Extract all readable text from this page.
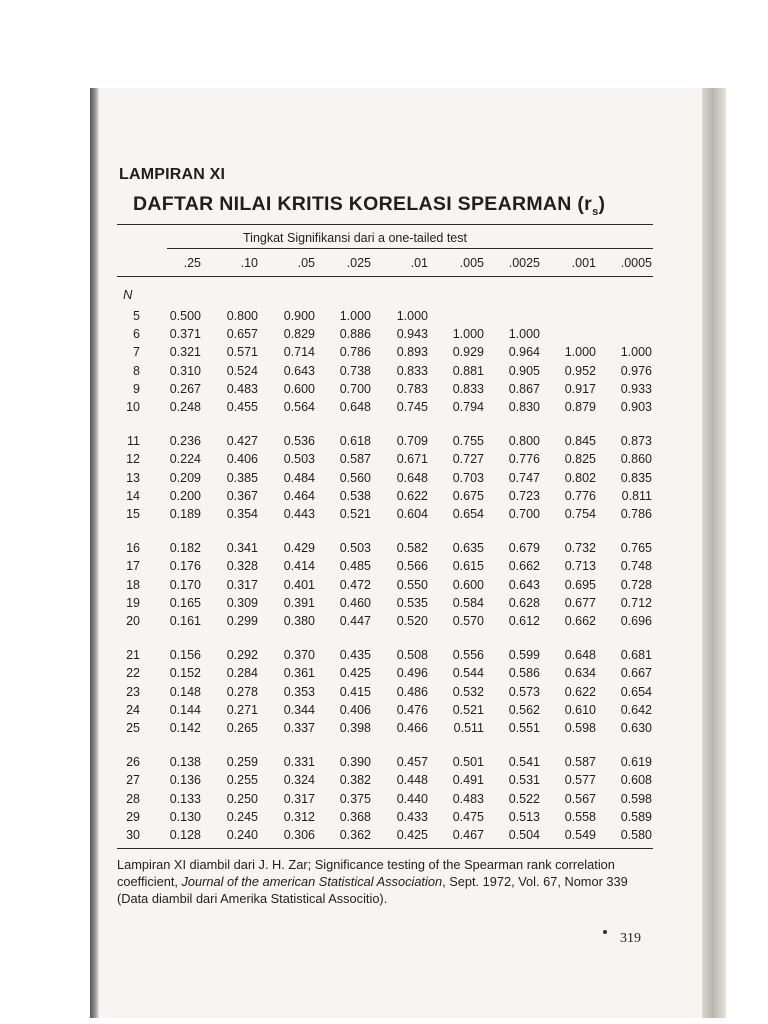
LAMPIRAN XI
DAFTAR NILAI KRITIS KORELASI SPEARMAN $(r_s)$
Tingkat Signifikansi dari a one-tailed test
.25	.10	.05	.025	.01	.005	.0025	.001	.0005
N
5	0.500	0.800	0.900	1.000	1.000
6	0.371	0.657	0.829	0.886	0.943	1.000	1.000
7	0.321	0.571	0.714	0.786	0.893	0.929	0.964	1.000	1.000
8	0.310	0.524	0.643	0.738	0.833	0.881	0.905	0.952	0.976
9	0.267	0.483	0.600	0.700	0.783	0.833	0.867	0.917	0.933
10	0.248	0.455	0.564	0.648	0.745	0.794	0.830	0.879	0.903
11	0.236	0.427	0.536	0.618	0.709	0.755	0.800	0.845	0.873
12	0.224	0.406	0.503	0.587	0.671	0.727	0.776	0.825	0.860
13	0.209	0.385	0.484	0.560	0.648	0.703	0.747	0.802	0.835
14	0.200	0.367	0.464	0.538	0.622	0.675	0.723	0.776	0.811
15	0.189	0.354	0.443	0.521	0.604	0.654	0.700	0.754	0.786
16	0.182	0.341	0.429	0.503	0.582	0.635	0.679	0.732	0.765
17	0.176	0.328	0.414	0.485	0.566	0.615	0.662	0.713	0.748
18	0.170	0.317	0.401	0.472	0.550	0.600	0.643	0.695	0.728
19	0.165	0.309	0.391	0.460	0.535	0.584	0.628	0.677	0.712
20	0.161	0.299	0.380	0.447	0.520	0.570	0.612	0.662	0.696
21	0.156	0.292	0.370	0.435	0.508	0.556	0.599	0.648	0.681
22	0.152	0.284	0.361	0.425	0.496	0.544	0.586	0.634	0.667
23	0.148	0.278	0.353	0.415	0.486	0.532	0.573	0.622	0.654
24	0.144	0.271	0.344	0.406	0.476	0.521	0.562	0.610	0.642
25	0.142	0.265	0.337	0.398	0.466	0.511	0.551	0.598	0.630
26	0.138	0.259	0.331	0.390	0.457	0.501	0.541	0.587	0.619
27	0.136	0.255	0.324	0.382	0.448	0.491	0.531	0.577	0.608
28	0.133	0.250	0.317	0.375	0.440	0.483	0.522	0.567	0.598
29	0.130	0.245	0.312	0.368	0.433	0.475	0.513	0.558	0.589
30	0.128	0.240	0.306	0.362	0.425	0.467	0.504	0.549	0.580
Lampiran XI diambil dari J. H. Zar; Significance testing of the Spearman rank correlation coefficient, Journal of the american Statistical Association, Sept. 1972, Vol. 67, Nomor 339 (Data diambil dari Amerika Statistical Associtio).
319
